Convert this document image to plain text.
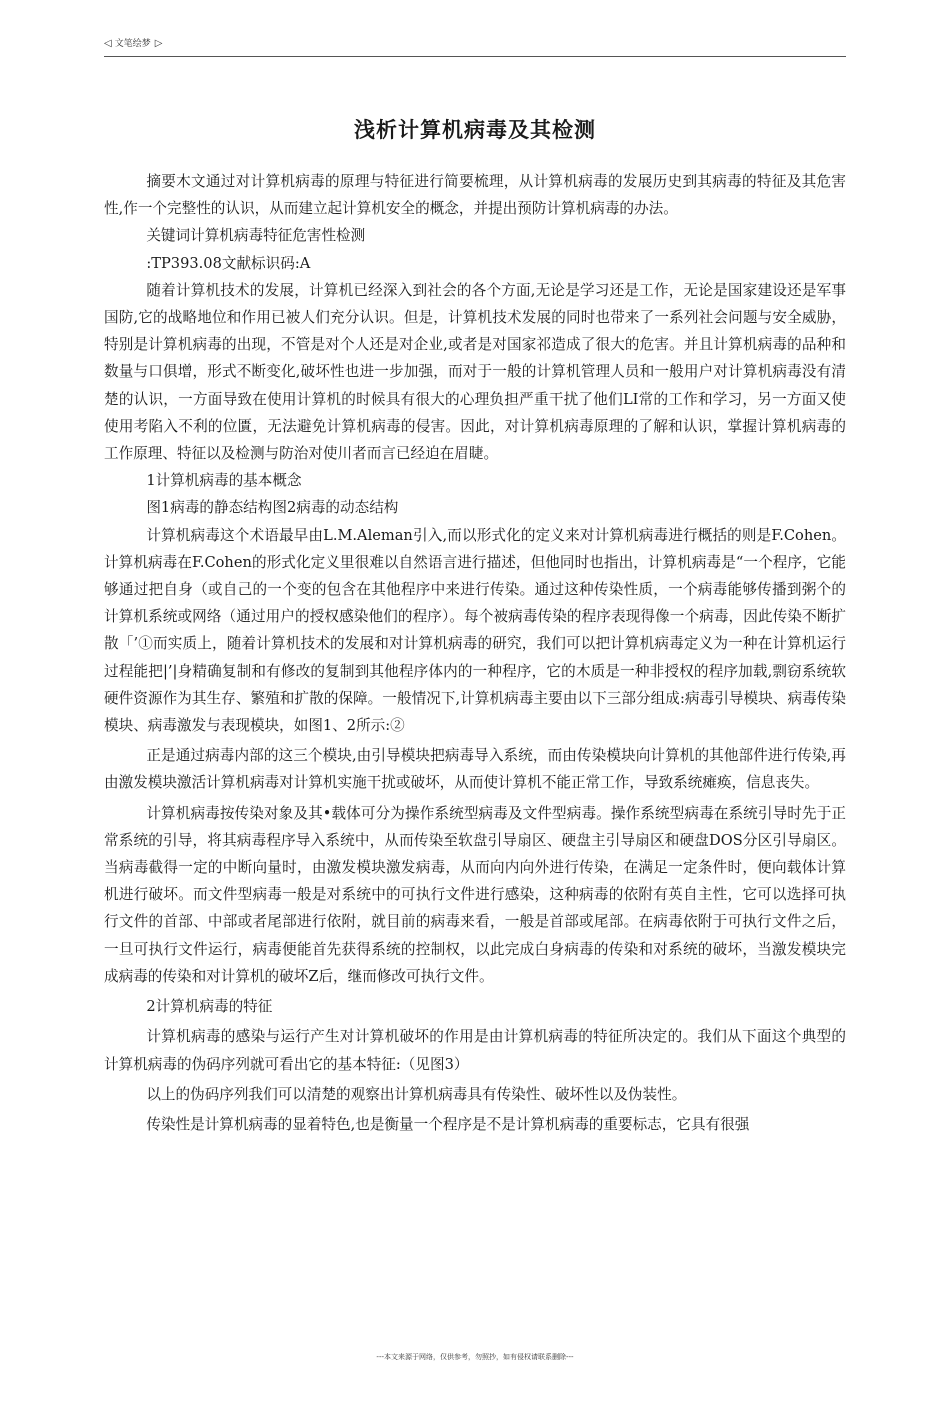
◁ 文笔绘梦 ▷
浅析计算机病毒及其检测

摘要木文通过对计算机病毒的原理与特征进行简要梳理，从计算机病毒的发展历史到其病毒的特征及其危害性,作一个完整性的认识，从而建立起计算机安全的概念，并提出预防计算机病毒的办法。

关键词计算机病毒特征危害性检测

:TP393.08文献标识码:A

随着计算机技术的发展，计算机已经深入到社会的各个方面,无论是学习还是工作，无论是国家建设还是军事国防,它的战略地位和作用已被人们充分认识。但是，计算机技术发展的同时也带来了一系列社会问题与安全威胁，特别是计算机病毒的出现，不管是对个人还是对企业,或者是对国家祁造成了很大的危害。并且计算机病毒的品种和数量与口俱增，形式不断变化,破坏性也进一步加强，而对于一般的计算机管理人员和一般用户对计算机病毒没有清楚的认识，一方面导致在使用计算机的时候具有很大的心理负担严重干扰了他们LI常的工作和学习，另一方面又使使用考陷入不利的位匱，无法避免计算机病毒的侵害。因此，对计算机病毒原理的了解和认识，掌握计算机病毒的工作原理、特征以及检测与防治对使川者而言已经迫在眉睫。

1计算机病毒的基本概念

图1病毒的静态结构图2病毒的动态结构

计算机病毒这个术语最早由L.M.Aleman引入,而以形式化的定义来对计算机病毒进行概括的则是F.Cohen。计算机病毒在F.Cohen的形式化定义里很难以自然语言进行描述，但他同时也指出，计算机病毒是“一个程序，它能够通过把自身（或自己的一个变的包含在其他程序中来进行传染。通过这种传染性质，一个病毒能够传播到粥个的计算机系统或网络（通过用户的授权感染他们的程序）。每个被病毒传染的程序表现得像一个病毒，因此传染不断扩散「’①而实质上，随着计算机技术的发展和对计算机病毒的研究，我们可以把计算机病毒定义为一种在计算机运行过程能把|’|身精确复制和有修改的复制到其他程序体内的一种程序，它的木质是一种非授权的程序加载,剽窃系统软硬件资源作为其生存、繁殖和扩散的保障。一般情况下,计算机病毒主要由以下三部分组成:病毒引导模块、病毒传染模块、病毒激发与表现模块，如图1、2所示:②

正是通过病毒内部的这三个模块,由引导模块把病毒导入系统，而由传染模块向计算机的其他部件进行传染,再由激发模块激活计算机病毒对计算机实施干扰或破坏，从而使计算机不能正常工作，导致系统瘫痪，信息丧失。

计算机病毒按传染对象及其•载体可分为操作系统型病毒及文件型病毒。操作系统型病毒在系统引导时先于正常系统的引导，将其病毒程序导入系统中，从而传染至软盘引导扇区、硬盘主引导扇区和硬盘DOS分区引导扇区。当病毒截得一定的中断向量时，由激发模块激发病毒，从而向内向外进行传染，在满足一定条件时，便向载体计算机进行破坏。而文件型病毒一般是对系统中的可执行文件进行感染，这种病毒的依附有英自主性，它可以选择可执行文件的首部、中部或者尾部进行依附，就目前的病毒来看，一般是首部或尾部。在病毒依附于可执行文件之后，一旦可执行文件运行，病毒便能首先获得系统的控制权，以此完成白身病毒的传染和对系统的破坏，当激发模块完成病毒的传染和对计算机的破坏Z后，继而修改可执行文件。

2计算机病毒的特征

计算机病毒的感染与运行产生对计算机破坏的作用是由计算机病毒的特征所决定的。我们从下面这个典型的计算机病毒的伪码序列就可看出它的基本特征:（见图3）

以上的伪码序列我们可以清楚的观察出计算机病毒具有传染性、破坏性以及伪装性。

传染性是计算机病毒的显着特色,也是衡量一个程序是不是计算机病毒的重要标志，它具有很强

---本文来源于网络，仅供参考，勿照抄，如有侵权请联系删除---
